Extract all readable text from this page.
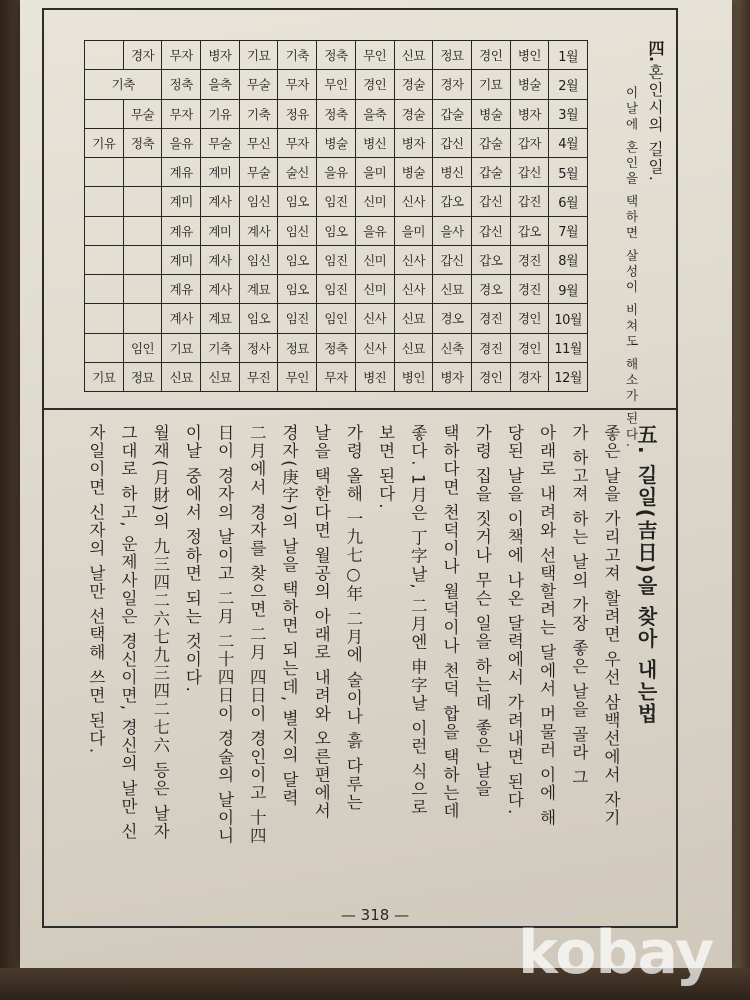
	경자	무자	병자	기묘	기축	정축	무인	신묘	정묘	경인	병인	1월
기축		정축	을축	무술	무자	무인	경인	경술	경자	기묘	병술	2월
	무술	무자	기유	기축	정유	정축	을축	경술	갑술	병술	병자	3월
기유	정축	을유	무술	무신	무자	병술	병신	병자	갑신	갑술	갑자	4월
		계유	계미	무술	술신	을유	을미	병술	병신	갑술	갑신	5월
		계미	계사	임신	임오	임진	신미	신사	갑오	갑신	갑진	6월
		계유	계미	계사	임신	임오	을유	을미	을사	갑신	갑오	7월
		계미	계사	임신	임오	임진	신미	신사	갑신	갑오	경진	8월
		계유	계사	계묘	임오	임진	신미	신사	신묘	경오	경진	9월
		계사	계묘	임오	임진	임인	신사	신묘	경오	경진	경인	10월
	임인	기묘	기축	정사	정묘	정축	신사	신묘	신축	경진	경인	11월
기묘	정묘	신묘	신묘	무진	무인	무자	병진	병인	병자	경인	경자	12월
四.
혼인시의 길일.
이날에 혼인을 택하면 살성이 비쳐도 해소가 된다.
五. 길일(吉日)을 찾아 내는법
좋은 날을 가리고져 할려면 우선 삼백선에서 자기
가 하고져 하는 날의 가장 좋은 날을 골라 그
아래로 내려와 선택할려는 달에서 머물러 이에 해
당된 날을 이책에 나온 달력에서 가려내면 된다.
가령 집을 짓거나 무슨 일을 하는데 좋은 날을
택하다면 천덕이나 월덕이나 천덕 합을 택하는데
좋다. 1月은 丁字날, 二月엔 申字날 이런 식으로
보면 된다.
가령 올해 一九七○年 二月에 술이나 흙 다루는
날을 택한다면 월공의 아래로 내려와 오른편에서
경자(庚字)의 날을 택하면 되는데, 별지의 달력
二月에서 경자를 찾으면 二月 四日이 경인이고 十四
日이 경자의 날이고 二月 二十四日이 경술의 날이니
이날 중에서 정하면 되는 것이다.
월재(月財)의 九三四二六七九三四二七六 등은 날자
그대로 하고, 운제사일은 경신이면, 경신의 날만 신
자일이면 신자의 날만 선택해 쓰면 된다.
— 318 —
kobay
